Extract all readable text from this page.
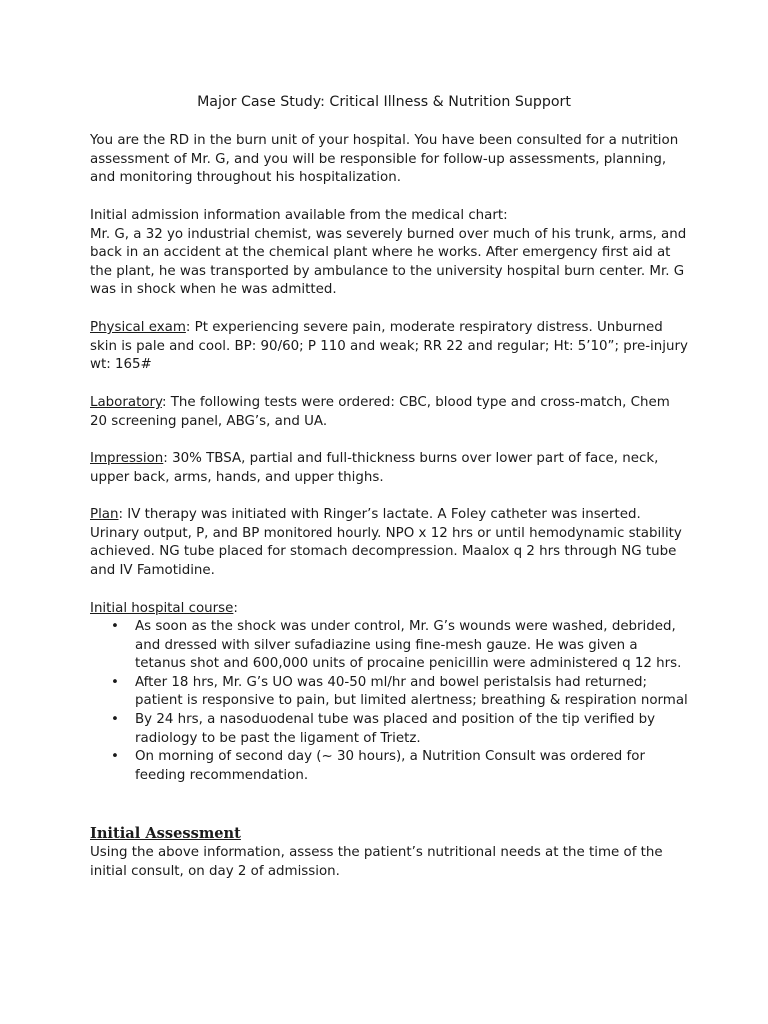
Major Case Study: Critical Illness & Nutrition Support

You are the RD in the burn unit of your hospital. You have been consulted for a nutrition assessment of Mr. G, and you will be responsible for follow-up assessments, planning, and monitoring throughout his hospitalization.

Initial admission information available from the medical chart:
Mr. G, a 32 yo industrial chemist, was severely burned over much of his trunk, arms, and back in an accident at the chemical plant where he works. After emergency first aid at the plant, he was transported by ambulance to the university hospital burn center. Mr. G was in shock when he was admitted.

Physical exam: Pt experiencing severe pain, moderate respiratory distress. Unburned skin is pale and cool. BP: 90/60; P 110 and weak; RR 22 and regular; Ht: 5’10”; pre-injury wt: 165#

Laboratory: The following tests were ordered: CBC, blood type and cross-match, Chem 20 screening panel, ABG’s, and UA.

Impression: 30% TBSA, partial and full-thickness burns over lower part of face, neck, upper back, arms, hands, and upper thighs.

Plan: IV therapy was initiated with Ringer’s lactate. A Foley catheter was inserted. Urinary output, P, and BP monitored hourly. NPO x 12 hrs or until hemodynamic stability achieved. NG tube placed for stomach decompression. Maalox q 2 hrs through NG tube and IV Famotidine.

Initial hospital course:
• As soon as the shock was under control, Mr. G’s wounds were washed, debrided, and dressed with silver sufadiazine using fine-mesh gauze. He was given a tetanus shot and 600,000 units of procaine penicillin were administered q 12 hrs.
• After 18 hrs, Mr. G’s UO was 40-50 ml/hr and bowel peristalsis had returned; patient is responsive to pain, but limited alertness; breathing & respiration normal
• By 24 hrs, a nasoduodenal tube was placed and position of the tip verified by radiology to be past the ligament of Trietz.
• On morning of second day (~ 30 hours), a Nutrition Consult was ordered for feeding recommendation.
Initial Assessment

Using the above information, assess the patient’s nutritional needs at the time of the initial consult, on day 2 of admission.
